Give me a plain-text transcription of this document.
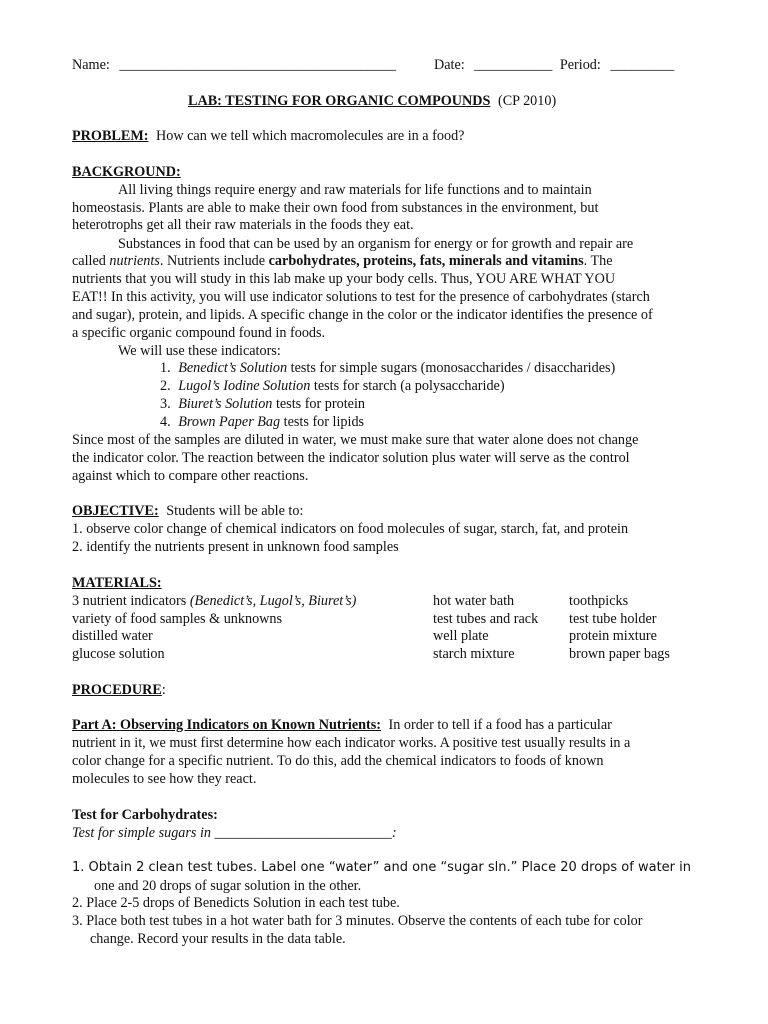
Name: _______________________________________	Date: ___________ Period: _________
LAB: TESTING FOR ORGANIC COMPOUNDS (CP 2010)
PROBLEM: How can we tell which macromolecules are in a food?
BACKGROUND:
All living things require energy and raw materials for life functions and to maintain
homeostasis. Plants are able to make their own food from substances in the environment, but
heterotrophs get all their raw materials in the foods they eat.
Substances in food that can be used by an organism for energy or for growth and repair are
called nutrients. Nutrients include carbohydrates, proteins, fats, minerals and vitamins. The
nutrients that you will study in this lab make up your body cells. Thus, YOU ARE WHAT YOU
EAT!! In this activity, you will use indicator solutions to test for the presence of carbohydrates (starch
and sugar), protein, and lipids. A specific change in the color or the indicator identifies the presence of
a specific organic compound found in foods.
We will use these indicators:
1. Benedict’s Solution tests for simple sugars (monosaccharides / disaccharides)
2. Lugol’s Iodine Solution tests for starch (a polysaccharide)
3. Biuret’s Solution tests for protein
4. Brown Paper Bag tests for lipids
Since most of the samples are diluted in water, we must make sure that water alone does not change
the indicator color. The reaction between the indicator solution plus water will serve as the control
against which to compare other reactions.
OBJECTIVE: Students will be able to:
1. observe color change of chemical indicators on food molecules of sugar, starch, fat, and protein
2. identify the nutrients present in unknown food samples
MATERIALS:
3 nutrient indicators (Benedict’s, Lugol’s, Biuret’s)
variety of food samples & unknowns
distilled water
glucose solution
hot water bath
test tubes and rack
well plate
starch mixture
toothpicks
test tube holder
protein mixture
brown paper bags
PROCEDURE:
Part A: Observing Indicators on Known Nutrients: In order to tell if a food has a particular
nutrient in it, we must first determine how each indicator works. A positive test usually results in a
color change for a specific nutrient. To do this, add the chemical indicators to foods of known
molecules to see how they react.
Test for Carbohydrates:
Test for simple sugars in _________________________:
1. Obtain 2 clean test tubes. Label one “water” and one “sugar sln.” Place 20 drops of water in
one and 20 drops of sugar solution in the other.
2. Place 2-5 drops of Benedicts Solution in each test tube.
3. Place both test tubes in a hot water bath for 3 minutes. Observe the contents of each tube for color
change. Record your results in the data table.
